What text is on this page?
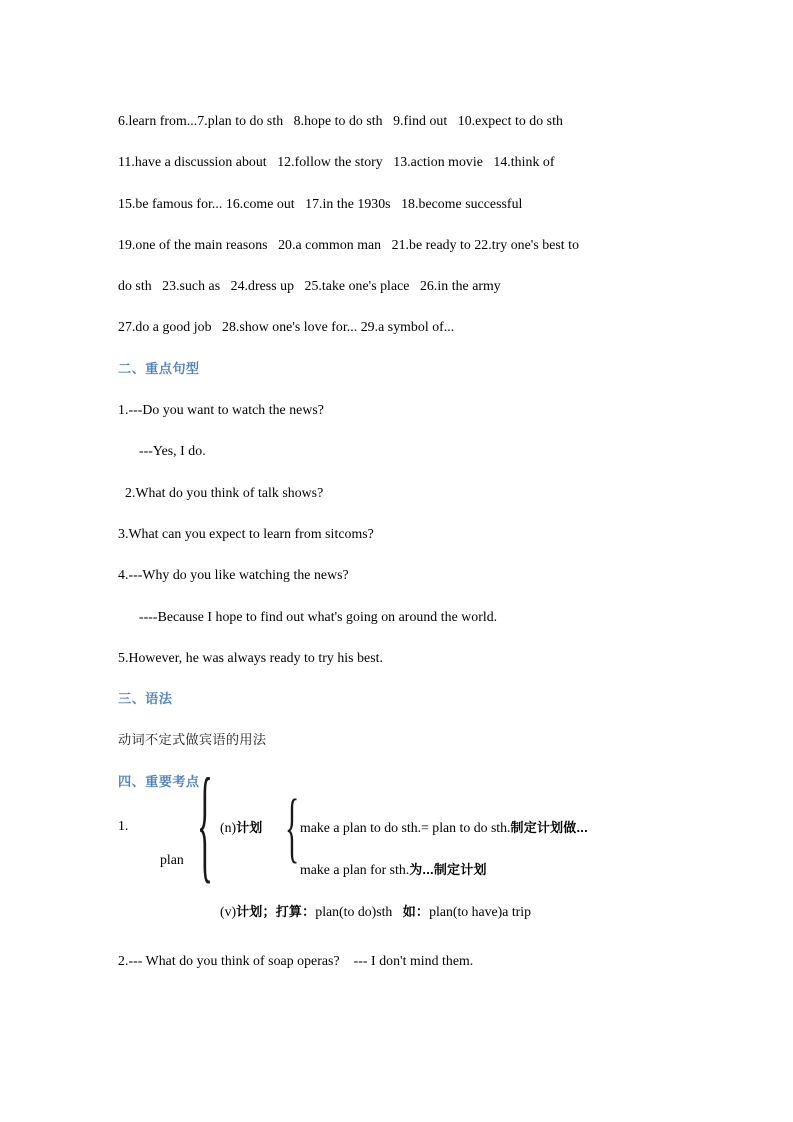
6.learn from...7.plan to do sth   8.hope to do sth   9.find out   10.expect to do sth
11.have a discussion about   12.follow the story   13.action movie   14.think of
15.be famous for... 16.come out   17.in the 1930s   18.become successful
19.one of the main reasons   20.a common man   21.be ready to 22.try one's best to
do sth   23.such as   24.dress up   25.take one's place   26.in the army
27.do a good job   28.show one's love for... 29.a symbol of...
二、重点句型
1.---Do you want to watch the news?
---Yes, I do.
2.What do you think of talk shows?
3.What can you expect to learn from sitcoms?
4.---Why do you like watching the news?
----Because I hope to find out what's going on around the world.
5.However, he was always ready to try his best.
三、语法
动词不定式做宾语的用法
四、重要考点
1.
plan { {
(n)计划	make a plan to do sth.= plan to do sth.制定计划做...
make a plan for sth.为...制定计划
(v)计划；打算：plan(to do)sth 如：plan(to have)a trip
2.--- What do you think of soap operas?    --- I don't mind them.
